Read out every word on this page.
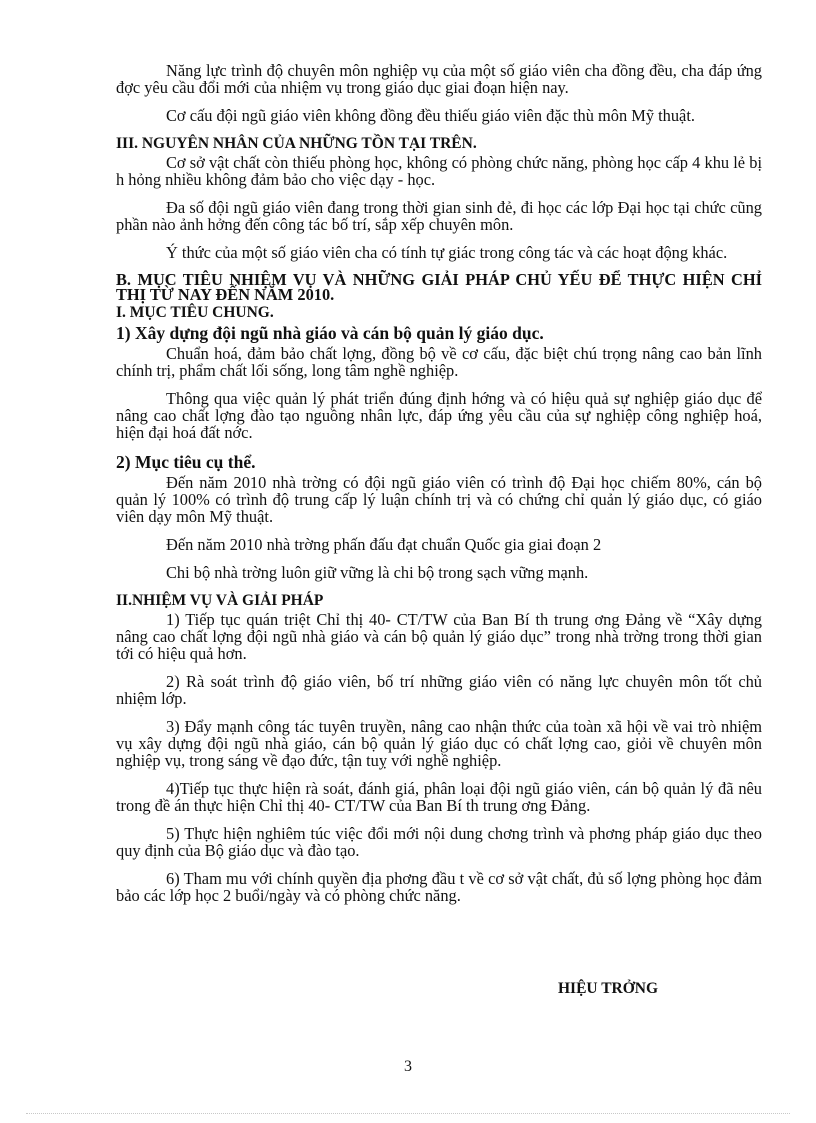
Năng lực trình độ chuyên môn nghiệp vụ của một số giáo viên cha đồng đều, cha đáp ứng đợc yêu cầu đổi mới của nhiệm vụ trong giáo dục giai đoạn hiện nay.

Cơ cấu đội ngũ giáo viên không đồng đều thiếu giáo viên đặc thù môn Mỹ thuật.

III. NGUYÊN NHÂN CỦA NHỮNG TỒN TẠI TRÊN.

Cơ sở vật chất còn thiếu phòng học, không có phòng chức năng, phòng học cấp 4 khu lẻ bị h hỏng nhiều không đảm bảo cho việc dạy - học.

Đa số đội ngũ giáo viên đang trong thời gian sinh đẻ, đi học các lớp Đại học tại chức cũng phần nào ảnh hởng đến công tác bố trí, sắp xếp chuyên môn.

Ý thức của một số giáo viên cha có tính tự giác trong công tác và các hoạt động khác.

B. MỤC TIÊU NHIỆM VỤ VÀ NHỮNG GIẢI PHÁP CHỦ YẾU ĐỂ THỰC HIỆN CHỈ THỊ TỪ NAY ĐẾN NĂM 2010.

I. MỤC TIÊU CHUNG.

1) Xây dựng đội ngũ nhà giáo và cán bộ quản lý giáo dục.

Chuẩn hoá, đảm bảo chất lợng, đồng bộ về cơ cấu, đặc biệt chú trọng nâng cao bản lĩnh chính trị, phẩm chất lối sống, long tâm nghề nghiệp.

Thông qua việc quản lý phát triển đúng định hớng và có hiệu quả sự nghiệp giáo dục để nâng cao chất lợng đào tạo nguồng nhân lực, đáp ứng yêu cầu của sự nghiệp công nghiệp hoá, hiện đại hoá đất nớc.

2) Mục tiêu cụ thể.

Đến năm 2010 nhà trờng có đội ngũ giáo viên có trình độ Đại học chiếm 80%, cán bộ quản lý 100% có trình độ trung cấp lý luận chính trị và có chứng chỉ quản lý giáo dục, có giáo viên dạy môn Mỹ thuật.

Đến năm 2010 nhà trờng phấn đấu đạt chuẩn Quốc gia giai đoạn 2

Chi bộ nhà trờng luôn giữ vững là chi bộ trong sạch vững mạnh.

II.NHIỆM VỤ VÀ GIẢI PHÁP

1) Tiếp tục quán triệt Chỉ thị 40- CT/TW của Ban Bí th trung ơng Đảng về “Xây dựng nâng cao chất lợng đội ngũ nhà giáo và cán bộ quản lý giáo dục” trong nhà trờng trong thời gian tới có hiệu quả hơn.

2) Rà soát trình độ giáo viên, bố trí những giáo viên có năng lực chuyên môn tốt chủ nhiệm lớp.

3) Đẩy mạnh công tác tuyên truyền, nâng cao nhận thức của toàn xã hội về vai trò nhiệm vụ xây dựng đội ngũ nhà giáo, cán bộ quản lý giáo dục có chất lợng cao, giỏi về chuyên môn nghiệp vụ, trong sáng về đạo đức, tận tuỵ với nghề nghiệp.

4)Tiếp tục thực hiện rà soát, đánh giá, phân loại đội ngũ giáo viên, cán bộ quản lý đã nêu trong đề án thực hiện Chỉ thị 40- CT/TW của Ban Bí th trung ơng Đảng.

5) Thực hiện nghiêm túc việc đổi mới nội dung chơng trình và phơng pháp giáo dục theo quy định của Bộ giáo dục và đào tạo.

6) Tham mu với chính quyền địa phơng đầu t về cơ sở vật chất, đủ số lợng phòng học đảm bảo các lớp học 2 buổi/ngày và có phòng chức năng.

HIỆU TRỞNG
3
